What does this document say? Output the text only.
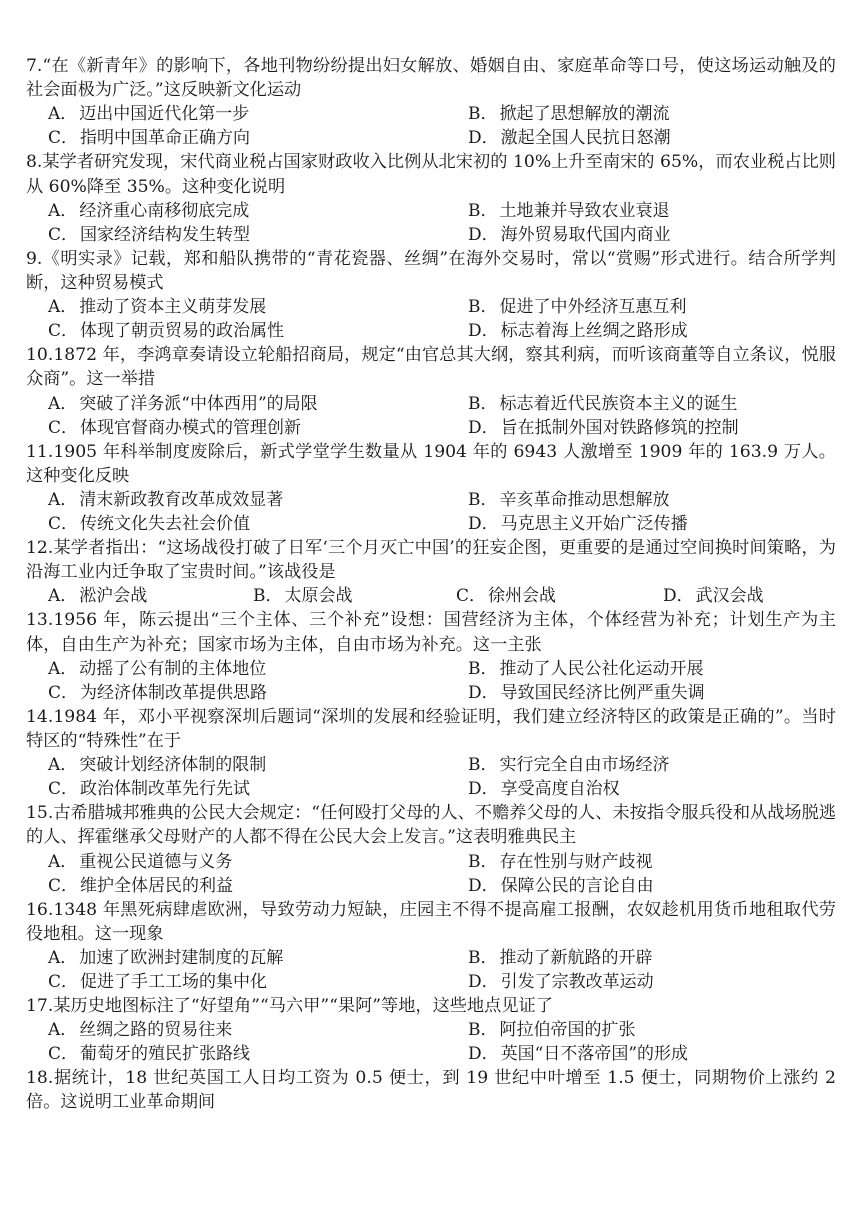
7.“在《新青年》的影响下，各地刊物纷纷提出妇女解放、婚姻自由、家庭革命等口号，使这场运动触及的社会面极为广泛。”这反映新文化运动

A． 迈出中国近代化第一步	B． 掀起了思想解放的潮流
C． 指明中国革命正确方向	D． 激起全国人民抗日怒潮

8.某学者研究发现，宋代商业税占国家财政收入比例从北宋初的 10%上升至南宋的 65%，而农业税占比则从 60%降至 35%。这种变化说明

A． 经济重心南移彻底完成	B． 土地兼并导致农业衰退
C． 国家经济结构发生转型	D． 海外贸易取代国内商业

9.《明实录》记载，郑和船队携带的“青花瓷器、丝绸”在海外交易时，常以“赏赐”形式进行。结合所学判断，这种贸易模式

A． 推动了资本主义萌芽发展	B． 促进了中外经济互惠互利
C． 体现了朝贡贸易的政治属性	D． 标志着海上丝绸之路形成

10.1872 年，李鸿章奏请设立轮船招商局，规定“由官总其大纲，察其利病，而听该商董等自立条议，悦服众商”。这一举措

A． 突破了洋务派“中体西用”的局限	B． 标志着近代民族资本主义的诞生
C． 体现官督商办模式的管理创新	D． 旨在抵制外国对铁路修筑的控制

11.1905 年科举制度废除后，新式学堂学生数量从 1904 年的 6943 人激增至 1909 年的 163.9 万人。这种变化反映

A． 清末新政教育改革成效显著	B． 辛亥革命推动思想解放
C． 传统文化失去社会价值	D． 马克思主义开始广泛传播

12.某学者指出：“这场战役打破了日军‘三个月灭亡中国’的狂妄企图，更重要的是通过空间换时间策略，为沿海工业内迁争取了宝贵时间。”该战役是

A． 淞沪会战	B． 太原会战	C． 徐州会战	D． 武汉会战

13.1956 年，陈云提出“三个主体、三个补充”设想：国营经济为主体，个体经营为补充；计划生产为主体，自由生产为补充；国家市场为主体，自由市场为补充。这一主张

A． 动摇了公有制的主体地位	B． 推动了人民公社化运动开展
C． 为经济体制改革提供思路	D． 导致国民经济比例严重失调

14.1984 年，邓小平视察深圳后题词“深圳的发展和经验证明，我们建立经济特区的政策是正确的”。当时特区的“特殊性”在于

A． 突破计划经济体制的限制	B． 实行完全自由市场经济
C． 政治体制改革先行先试	D． 享受高度自治权

15.古希腊城邦雅典的公民大会规定：“任何殴打父母的人、不赡养父母的人、未按指令服兵役和从战场脱逃的人、挥霍继承父母财产的人都不得在公民大会上发言。”这表明雅典民主

A． 重视公民道德与义务	B． 存在性别与财产歧视
C． 维护全体居民的利益	D． 保障公民的言论自由

16.1348 年黑死病肆虐欧洲，导致劳动力短缺，庄园主不得不提高雇工报酬，农奴趁机用货币地租取代劳役地租。这一现象

A． 加速了欧洲封建制度的瓦解	B． 推动了新航路的开辟
C． 促进了手工工场的集中化	D． 引发了宗教改革运动

17.某历史地图标注了“好望角”“马六甲”“果阿”等地，这些地点见证了

A． 丝绸之路的贸易往来	B． 阿拉伯帝国的扩张
C． 葡萄牙的殖民扩张路线	D． 英国“日不落帝国”的形成

18.据统计，18 世纪英国工人日均工资为 0.5 便士，到 19 世纪中叶增至 1.5 便士，同期物价上涨约 2 倍。这说明工业革命期间
